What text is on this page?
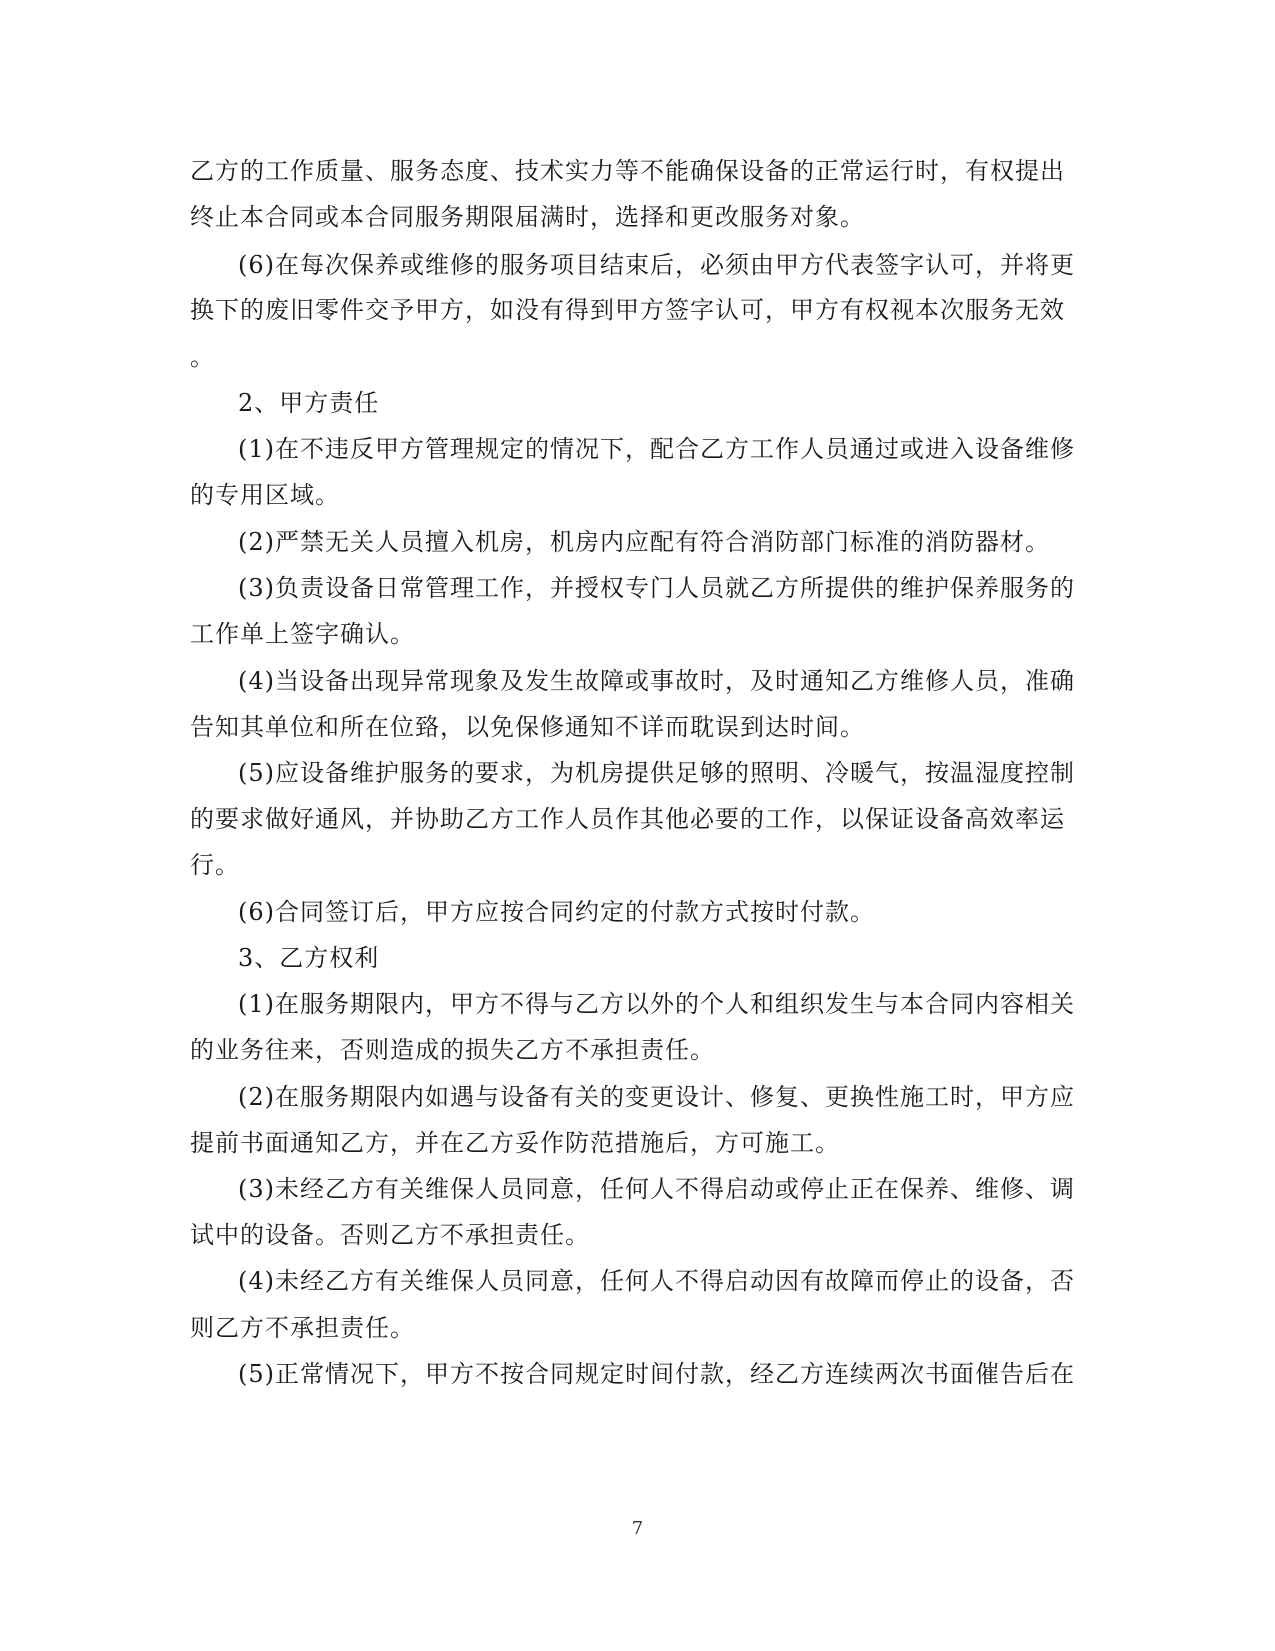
乙方的工作质量、服务态度、技术实力等不能确保设备的正常运行时，有权提出
终止本合同或本合同服务期限届满时，选择和更改服务对象。
(6)在每次保养或维修的服务项目结束后，必须由甲方代表签字认可，并将更
换下的废旧零件交予甲方，如没有得到甲方签字认可，甲方有权视本次服务无效
。
2、甲方责任
(1)在不违反甲方管理规定的情况下，配合乙方工作人员通过或进入设备维修
的专用区域。
(2)严禁无关人员擅入机房，机房内应配有符合消防部门标准的消防器材。
(3)负责设备日常管理工作，并授权专门人员就乙方所提供的维护保养服务的
工作单上签字确认。
(4)当设备出现异常现象及发生故障或事故时，及时通知乙方维修人员，准确
告知其单位和所在位臵，以免保修通知不详而耽误到达时间。
(5)应设备维护服务的要求，为机房提供足够的照明、冷暖气，按温湿度控制
的要求做好通风，并协助乙方工作人员作其他必要的工作，以保证设备高效率运
行。
(6)合同签订后，甲方应按合同约定的付款方式按时付款。
3、乙方权利
(1)在服务期限内，甲方不得与乙方以外的个人和组织发生与本合同内容相关
的业务往来，否则造成的损失乙方不承担责任。
(2)在服务期限内如遇与设备有关的变更设计、修复、更换性施工时，甲方应
提前书面通知乙方，并在乙方妥作防范措施后，方可施工。
(3)未经乙方有关维保人员同意，任何人不得启动或停止正在保养、维修、调
试中的设备。否则乙方不承担责任。
(4)未经乙方有关维保人员同意，任何人不得启动因有故障而停止的设备，否
则乙方不承担责任。
(5)正常情况下，甲方不按合同规定时间付款，经乙方连续两次书面催告后在
7
